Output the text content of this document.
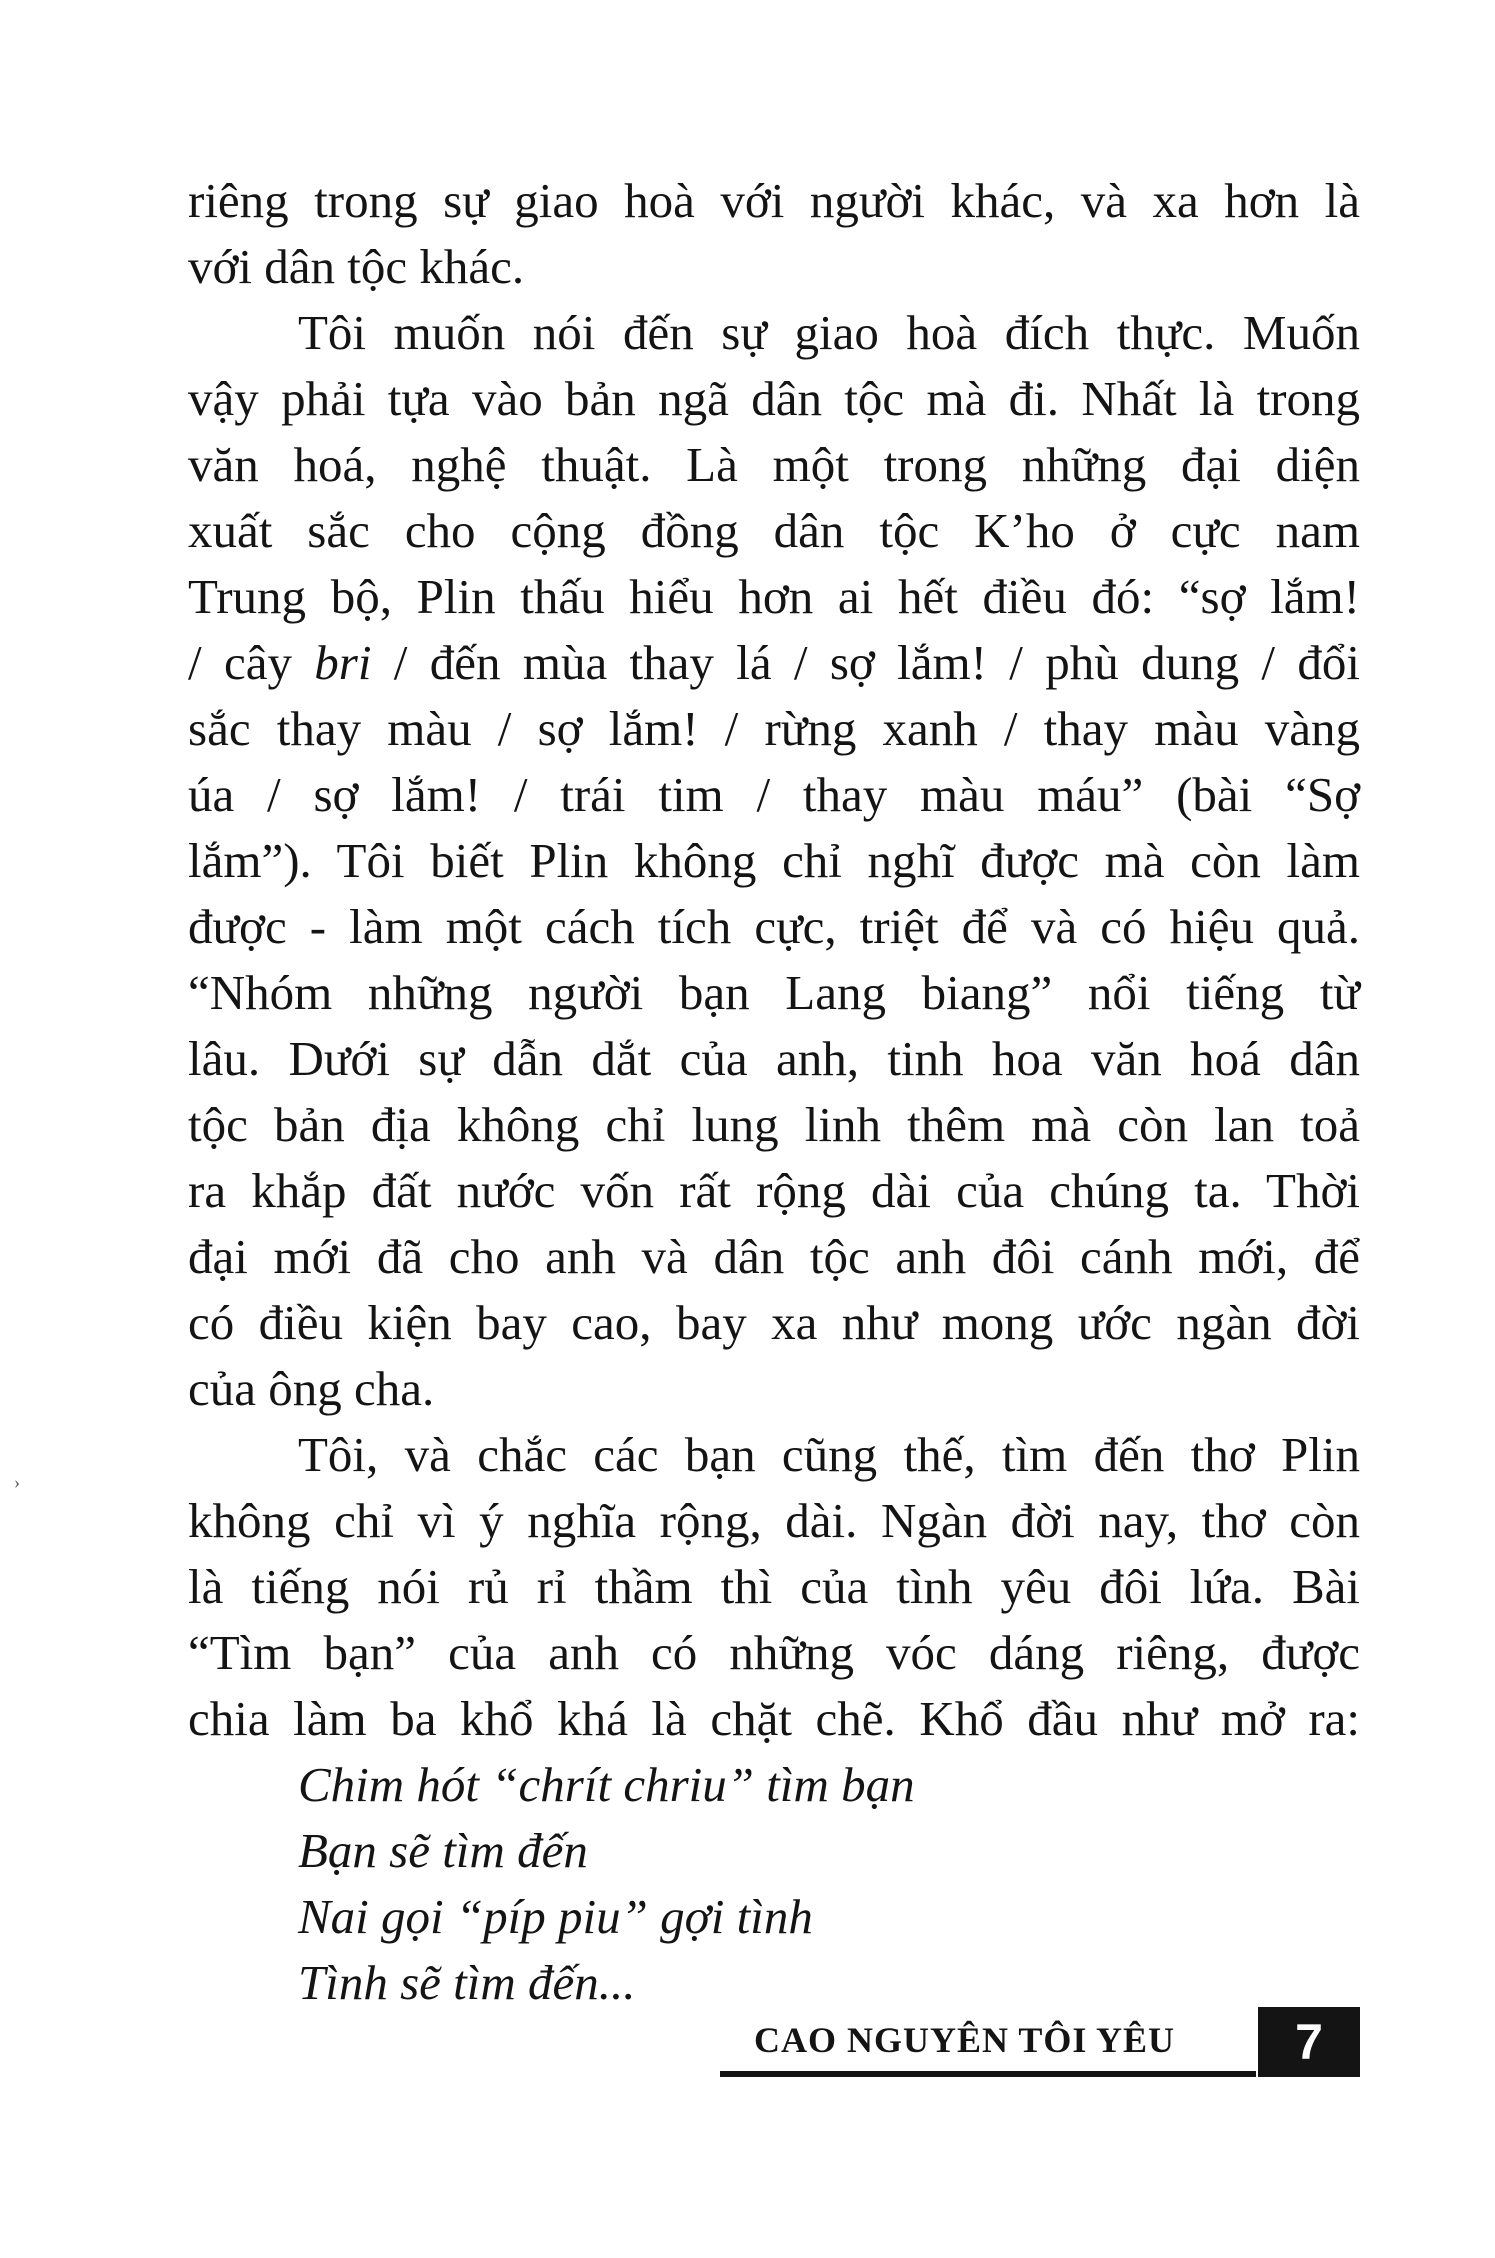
›
riêng trong sự giao hoà với người khác, và xa hơn là
với dân tộc khác.
Tôi muốn nói đến sự giao hoà đích thực. Muốn
vậy phải tựa vào bản ngã dân tộc mà đi. Nhất là trong
văn hoá, nghệ thuật. Là một trong những đại diện
xuất sắc cho cộng đồng dân tộc K’ho ở cực nam
Trung bộ, Plin thấu hiểu hơn ai hết điều đó: “sợ lắm!
/ cây bri / đến mùa thay lá / sợ lắm! / phù dung / đổi
sắc thay màu / sợ lắm! / rừng xanh / thay màu vàng
úa / sợ lắm! / trái tim / thay màu máu” (bài “Sợ
lắm”). Tôi biết Plin không chỉ nghĩ được mà còn làm
được - làm một cách tích cực, triệt để và có hiệu quả.
“Nhóm những người bạn Lang biang” nổi tiếng từ
lâu. Dưới sự dẫn dắt của anh, tinh hoa văn hoá dân
tộc bản địa không chỉ lung linh thêm mà còn lan toả
ra khắp đất nước vốn rất rộng dài của chúng ta. Thời
đại mới đã cho anh và dân tộc anh đôi cánh mới, để
có điều kiện bay cao, bay xa như mong ước ngàn đời
của ông cha.
Tôi, và chắc các bạn cũng thế, tìm đến thơ Plin
không chỉ vì ý nghĩa rộng, dài. Ngàn đời nay, thơ còn
là tiếng nói rủ rỉ thầm thì của tình yêu đôi lứa. Bài
“Tìm bạn” của anh có những vóc dáng riêng, được
chia làm ba khổ khá là chặt chẽ. Khổ đầu như mở ra:
Chim hót “chrít chriu” tìm bạn
Bạn sẽ tìm đến
Nai gọi “píp piu” gợi tình
Tình sẽ tìm đến...
CAO NGUYÊN TÔI YÊU	7
